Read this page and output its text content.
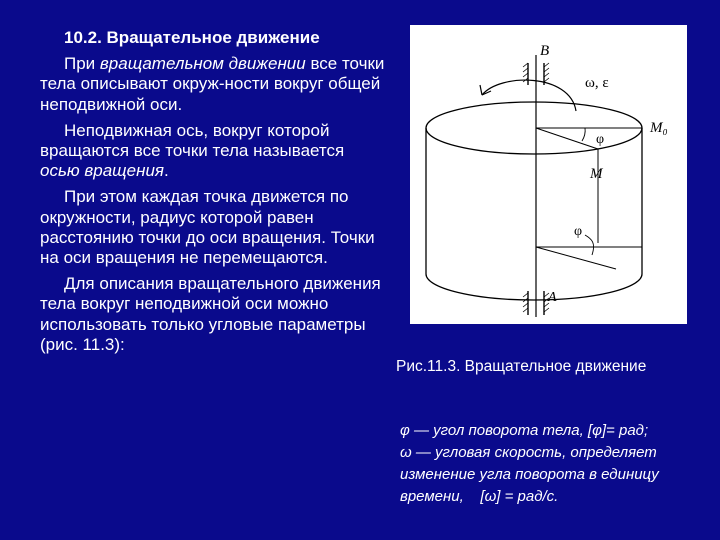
10.2. Вращательное движение

При вращательном движении все точки тела описывают окруж-ности вокруг общей неподвижной оси.

Неподвижная ось, вокруг которой вращаются все точки тела называется осью вращения.

При этом каждая точка движется по окружности, радиус которой равен расстоянию точки до оси вращения. Точки на оси вращения не перемещаются.

Для описания вращательного движения тела вокруг неподвижной оси можно использовать только угловые параметры (рис. 11.3):

B
A
ω, ε
M₀
M
φ
φ
Рис.11.3. Вращательное движение
φ — угол поворота тела, [φ]= рад;
ω — угловая скорость, определяет
изменение угла поворота в единицу
времени,    [ω] = рад/с.
